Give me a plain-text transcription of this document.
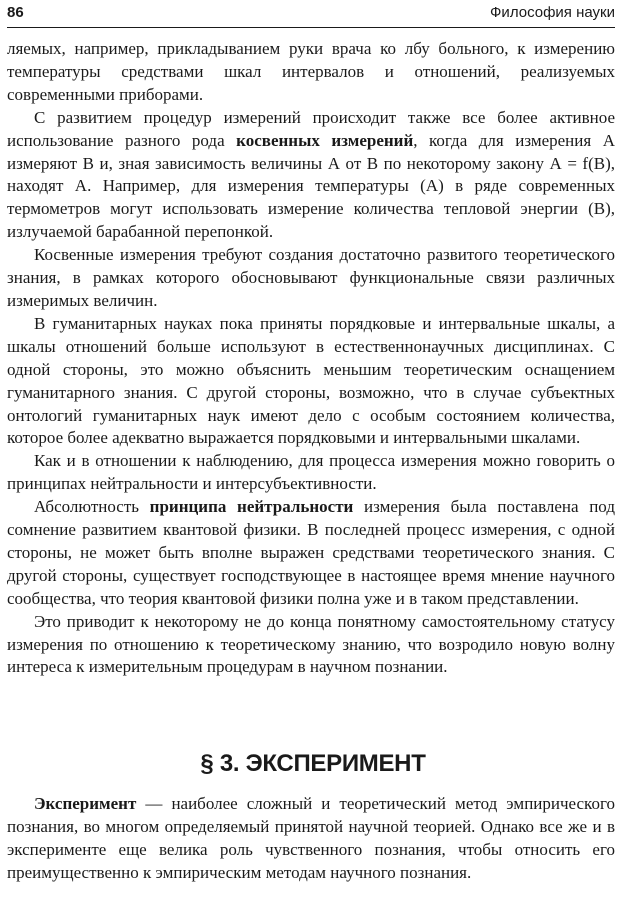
86	Философия науки

ляемых, например, прикладыванием руки врача ко лбу больного, к измерению температуры средствами шкал интервалов и отношений, реализуемых современными приборами.

С развитием процедур измерений происходит также все более активное использование разного рода косвенных измерений, когда для измерения А измеряют В и, зная зависимость величины А от В по некоторому закону А = f(В), находят А. Например, для измерения температуры (А) в ряде современных термометров могут использовать измерение количества тепловой энергии (В), излучаемой барабанной перепонкой.

Косвенные измерения требуют создания достаточно развитого теоретического знания, в рамках которого обосновывают функциональные связи различных измеримых величин.

В гуманитарных науках пока приняты порядковые и интервальные шкалы, а шкалы отношений больше используют в естественнонаучных дисциплинах. С одной стороны, это можно объяснить меньшим теоретическим оснащением гуманитарного знания. С другой стороны, возможно, что в случае субъектных онтологий гуманитарных наук имеют дело с особым состоянием количества, которое более адекватно выражается порядковыми и интервальными шкалами.

Как и в отношении к наблюдению, для процесса измерения можно говорить о принципах нейтральности и интерсубъективности.

Абсолютность принципа нейтральности измерения была поставлена под сомнение развитием квантовой физики. В последней процесс измерения, с одной стороны, не может быть вполне выражен средствами теоретического знания. С другой стороны, существует господствующее в настоящее время мнение научного сообщества, что теория квантовой физики полна уже и в таком представлении.

Это приводит к некоторому не до конца понятному самостоятельному статусу измерения по отношению к теоретическому знанию, что возродило новую волну интереса к измерительным процедурам в научном познании.

§ 3. ЭКСПЕРИМЕНТ

Эксперимент — наиболее сложный и теоретический метод эмпирического познания, во многом определяемый принятой научной теорией. Однако все же и в эксперименте еще велика роль чувственного познания, чтобы относить его преимущественно к эмпирическим методам научного познания.
